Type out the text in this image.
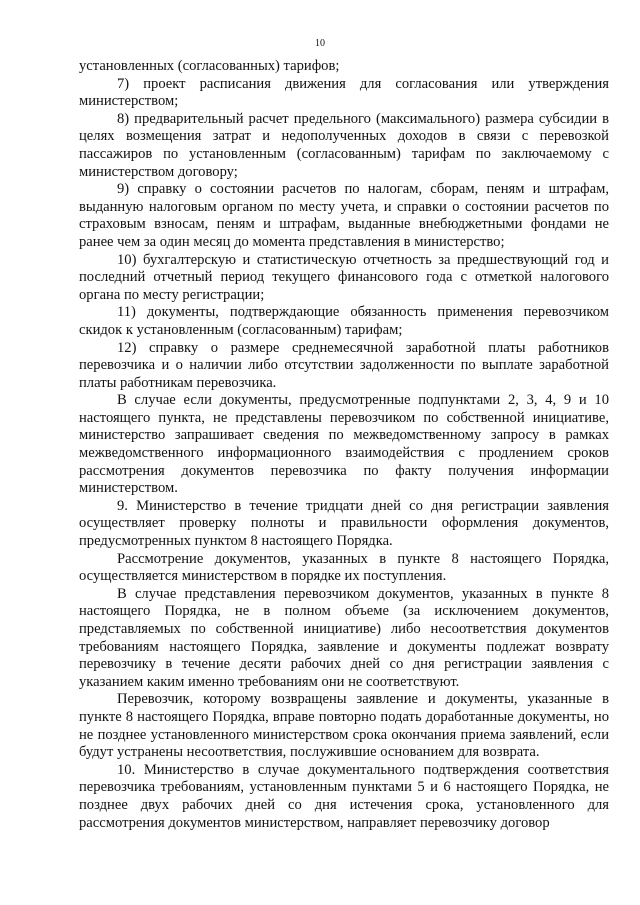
10

установленных (согласованных) тарифов;

7) проект расписания движения для согласования или утверждения министерством;

8) предварительный расчет предельного (максимального) размера субсидии в целях возмещения затрат и недополученных доходов в связи с перевозкой пассажиров по установленным (согласованным) тарифам по заключаемому с министерством договору;

9) справку о состоянии расчетов по налогам, сборам, пеням и штрафам, выданную налоговым органом по месту учета, и справки о состоянии расчетов по страховым взносам, пеням и штрафам, выданные внебюджетными фондами не ранее чем за один месяц до момента представления в министерство;

10) бухгалтерскую и статистическую отчетность за предшествующий год и последний отчетный период текущего финансового года с отметкой налогового органа по месту регистрации;

11) документы, подтверждающие обязанность применения перевозчиком скидок к установленным (согласованным) тарифам;

12) справку о размере среднемесячной заработной платы работников перевозчика и о наличии либо отсутствии задолженности по выплате заработной платы работникам перевозчика.

В случае если документы, предусмотренные подпунктами 2, 3, 4, 9 и 10 настоящего пункта, не представлены перевозчиком по собственной инициативе, министерство запрашивает сведения по межведомственному запросу в рамках межведомственного информационного взаимодействия с продлением сроков рассмотрения документов перевозчика по факту получения информации министерством.

9. Министерство в течение тридцати дней со дня регистрации заявления осуществляет проверку полноты и правильности оформления документов, предусмотренных пунктом 8 настоящего Порядка.

Рассмотрение документов, указанных в пункте 8 настоящего Порядка, осуществляется министерством в порядке их поступления.

В случае представления перевозчиком документов, указанных в пункте 8 настоящего Порядка, не в полном объеме (за исключением документов, представляемых по собственной инициативе) либо несоответствия документов требованиям настоящего Порядка, заявление и документы подлежат возврату перевозчику в течение десяти рабочих дней со дня регистрации заявления с указанием каким именно требованиям они не соответствуют.

Перевозчик, которому возвращены заявление и документы, указанные в пункте 8 настоящего Порядка, вправе повторно подать доработанные документы, но не позднее установленного министерством срока окончания приема заявлений, если будут устранены несоответствия, послужившие основанием для возврата.

10. Министерство в случае документального подтверждения соответствия перевозчика требованиям, установленным пунктами 5 и 6 настоящего Порядка, не позднее двух рабочих дней со дня истечения срока, установленного для рассмотрения документов министерством, направляет перевозчику договор
